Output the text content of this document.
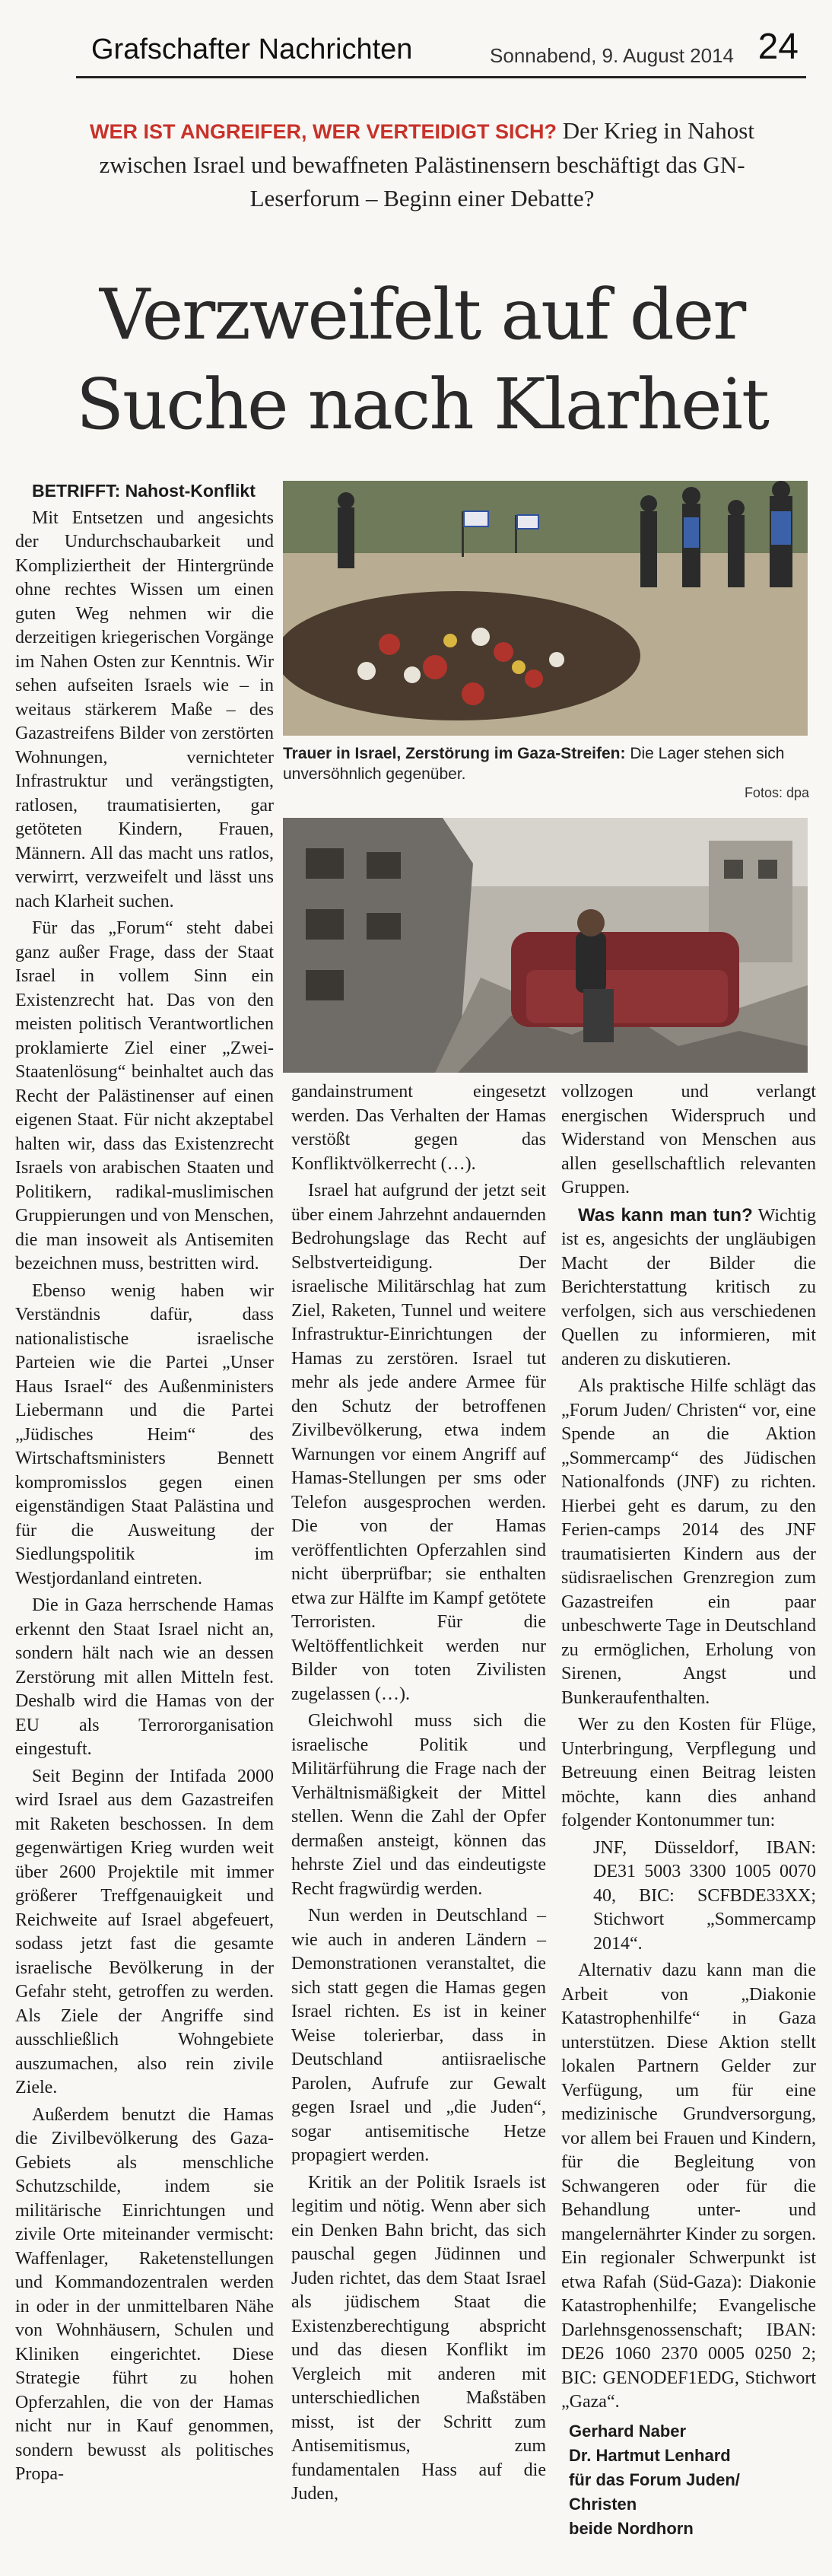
Grafschafter Nachrichten	Sonnabend, 9. August 2014 24
WER IST ANGREIFER, WER VERTEIDIGT SICH? Der Krieg in Nahost zwischen Israel und bewaffneten Palästinensern beschäftigt das GN-Leserforum – Beginn einer Debatte?
Verzweifelt auf der
Suche nach Klarheit
Trauer in Israel, Zerstörung im Gaza-Streifen: Die Lager stehen sich unversöhnlich gegenüber.
Fotos: dpa

BETRIFFT: Nahost-Konflikt

Mit Entsetzen und angesichts der Undurchschaubarkeit und Kompliziertheit der Hintergründe ohne rechtes Wissen um einen guten Weg nehmen wir die derzeitigen kriegerischen Vorgänge im Nahen Osten zur Kenntnis. Wir sehen aufseiten Israels wie – in weitaus stärkerem Maße – des Gazastreifens Bilder von zerstörten Wohnungen, vernichteter Infrastruktur und verängstigten, ratlosen, traumatisierten, gar getöteten Kindern, Frauen, Männern. All das macht uns ratlos, verwirrt, verzweifelt und lässt uns nach Klarheit suchen.

Für das „Forum“ steht dabei ganz außer Frage, dass der Staat Israel in vollem Sinn ein Existenzrecht hat. Das von den meisten politisch Verantwortlichen proklamierte Ziel einer „Zwei-Staatenlösung“ beinhaltet auch das Recht der Palästinenser auf einen eigenen Staat. Für nicht akzeptabel halten wir, dass das Existenzrecht Israels von arabischen Staaten und Politikern, radikal-muslimischen Gruppierungen und von Menschen, die man insoweit als Antisemiten bezeichnen muss, bestritten wird.

Ebenso wenig haben wir Verständnis dafür, dass nationalistische israelische Parteien wie die Partei „Unser Haus Israel“ des Außenministers Liebermann und die Partei „Jüdisches Heim“ des Wirtschaftsministers Bennett kompromisslos gegen einen eigenständigen Staat Palästina und für die Ausweitung der Siedlungspolitik im Westjordanland eintreten.

Die in Gaza herrschende Hamas erkennt den Staat Israel nicht an, sondern hält nach wie an dessen Zerstörung mit allen Mitteln fest. Deshalb wird die Hamas von der EU als Terrororganisation eingestuft.

Seit Beginn der Intifada 2000 wird Israel aus dem Gazastreifen mit Raketen beschossen. In dem gegenwärtigen Krieg wurden weit über 2600 Projektile mit immer größerer Treffgenauigkeit und Reichweite auf Israel abgefeuert, sodass jetzt fast die gesamte israelische Bevölkerung in der Gefahr steht, getroffen zu werden. Als Ziele der Angriffe sind ausschließlich Wohngebiete auszumachen, also rein zivile Ziele.

Außerdem benutzt die Hamas die Zivilbevölkerung des Gaza-Gebiets als menschliche Schutzschilde, indem sie militärische Einrichtungen und zivile Orte miteinander vermischt: Waffenlager, Raketenstellungen und Kommandozentralen werden in oder in der unmittelbaren Nähe von Wohnhäusern, Schulen und Kliniken eingerichtet. Diese Strategie führt zu hohen Opferzahlen, die von der Hamas nicht nur in Kauf genommen, sondern bewusst als politisches Propa-

gandainstrument eingesetzt werden. Das Verhalten der Hamas verstößt gegen das Konfliktvölkerrecht (…).

Israel hat aufgrund der jetzt seit über einem Jahrzehnt andauernden Bedrohungslage das Recht auf Selbstverteidigung. Der israelische Militärschlag hat zum Ziel, Raketen, Tunnel und weitere Infrastruktur-Einrichtungen der Hamas zu zerstören. Israel tut mehr als jede andere Armee für den Schutz der betroffenen Zivilbevölkerung, etwa indem Warnungen vor einem Angriff auf Hamas-Stellungen per sms oder Telefon ausgesprochen werden. Die von der Hamas veröffentlichten Opferzahlen sind nicht überprüfbar; sie enthalten etwa zur Hälfte im Kampf getötete Terroristen. Für die Weltöffentlichkeit werden nur Bilder von toten Zivilisten zugelassen (…).

Gleichwohl muss sich die israelische Politik und Militärführung die Frage nach der Verhältnismäßigkeit der Mittel stellen. Wenn die Zahl der Opfer dermaßen ansteigt, können das hehrste Ziel und das eindeutigste Recht fragwürdig werden.

Nun werden in Deutschland – wie auch in anderen Ländern – Demonstrationen veranstaltet, die sich statt gegen die Hamas gegen Israel richten. Es ist in keiner Weise tolerierbar, dass in Deutschland antiisraelische Parolen, Aufrufe zur Gewalt gegen Israel und „die Juden“, sogar antisemitische Hetze propagiert werden.

Kritik an der Politik Israels ist legitim und nötig. Wenn aber sich ein Denken Bahn bricht, das sich pauschal gegen Jüdinnen und Juden richtet, das dem Staat Israel als jüdischem Staat die Existenzberechtigung abspricht und das diesen Konflikt im Vergleich mit anderen mit unterschiedlichen Maßstäben misst, ist der Schritt zum Antisemitismus, zum fundamentalen Hass auf die Juden,

vollzogen und verlangt energischen Widerspruch und Widerstand von Menschen aus allen gesellschaftlich relevanten Gruppen.

Was kann man tun? Wichtig ist es, angesichts der ungläubigen Macht der Bilder die Berichterstattung kritisch zu verfolgen, sich aus verschiedenen Quellen zu informieren, mit anderen zu diskutieren.

Als praktische Hilfe schlägt das „Forum Juden/ Christen“ vor, eine Spende an die Aktion „Sommercamp“ des Jüdischen Nationalfonds (JNF) zu richten. Hierbei geht es darum, zu den Ferien-camps 2014 des JNF traumatisierten Kindern aus der südisraelischen Grenzregion zum Gazastreifen ein paar unbeschwerte Tage in Deutschland zu ermöglichen, Erholung von Sirenen, Angst und Bunkeraufenthalten.

Wer zu den Kosten für Flüge, Unterbringung, Verpflegung und Betreuung einen Beitrag leisten möchte, kann dies anhand folgender Kontonummer tun:

JNF, Düsseldorf, IBAN: DE31 5003 3300 1005 0070 40, BIC: SCFBDE33XX; Stichwort „Sommercamp 2014“.

Alternativ dazu kann man die Arbeit von „Diakonie Katastrophenhilfe“ in Gaza unterstützen. Diese Aktion stellt lokalen Partnern Gelder zur Verfügung, um für eine medizinische Grundversorgung, vor allem bei Frauen und Kindern, für die Begleitung von Schwangeren oder für die Behandlung unter- und mangelernährter Kinder zu sorgen. Ein regionaler Schwerpunkt ist etwa Rafah (Süd-Gaza): Diakonie Katastrophenhilfe; Evangelische Darlehnsgenossenschaft; IBAN: DE26 1060 2370 0005 0250 2; BIC: GENODEF1EDG, Stichwort „Gaza“.

Gerhard Naber

Dr. Hartmut Lenhard

für das Forum Juden/

Christen

beide Nordhorn
